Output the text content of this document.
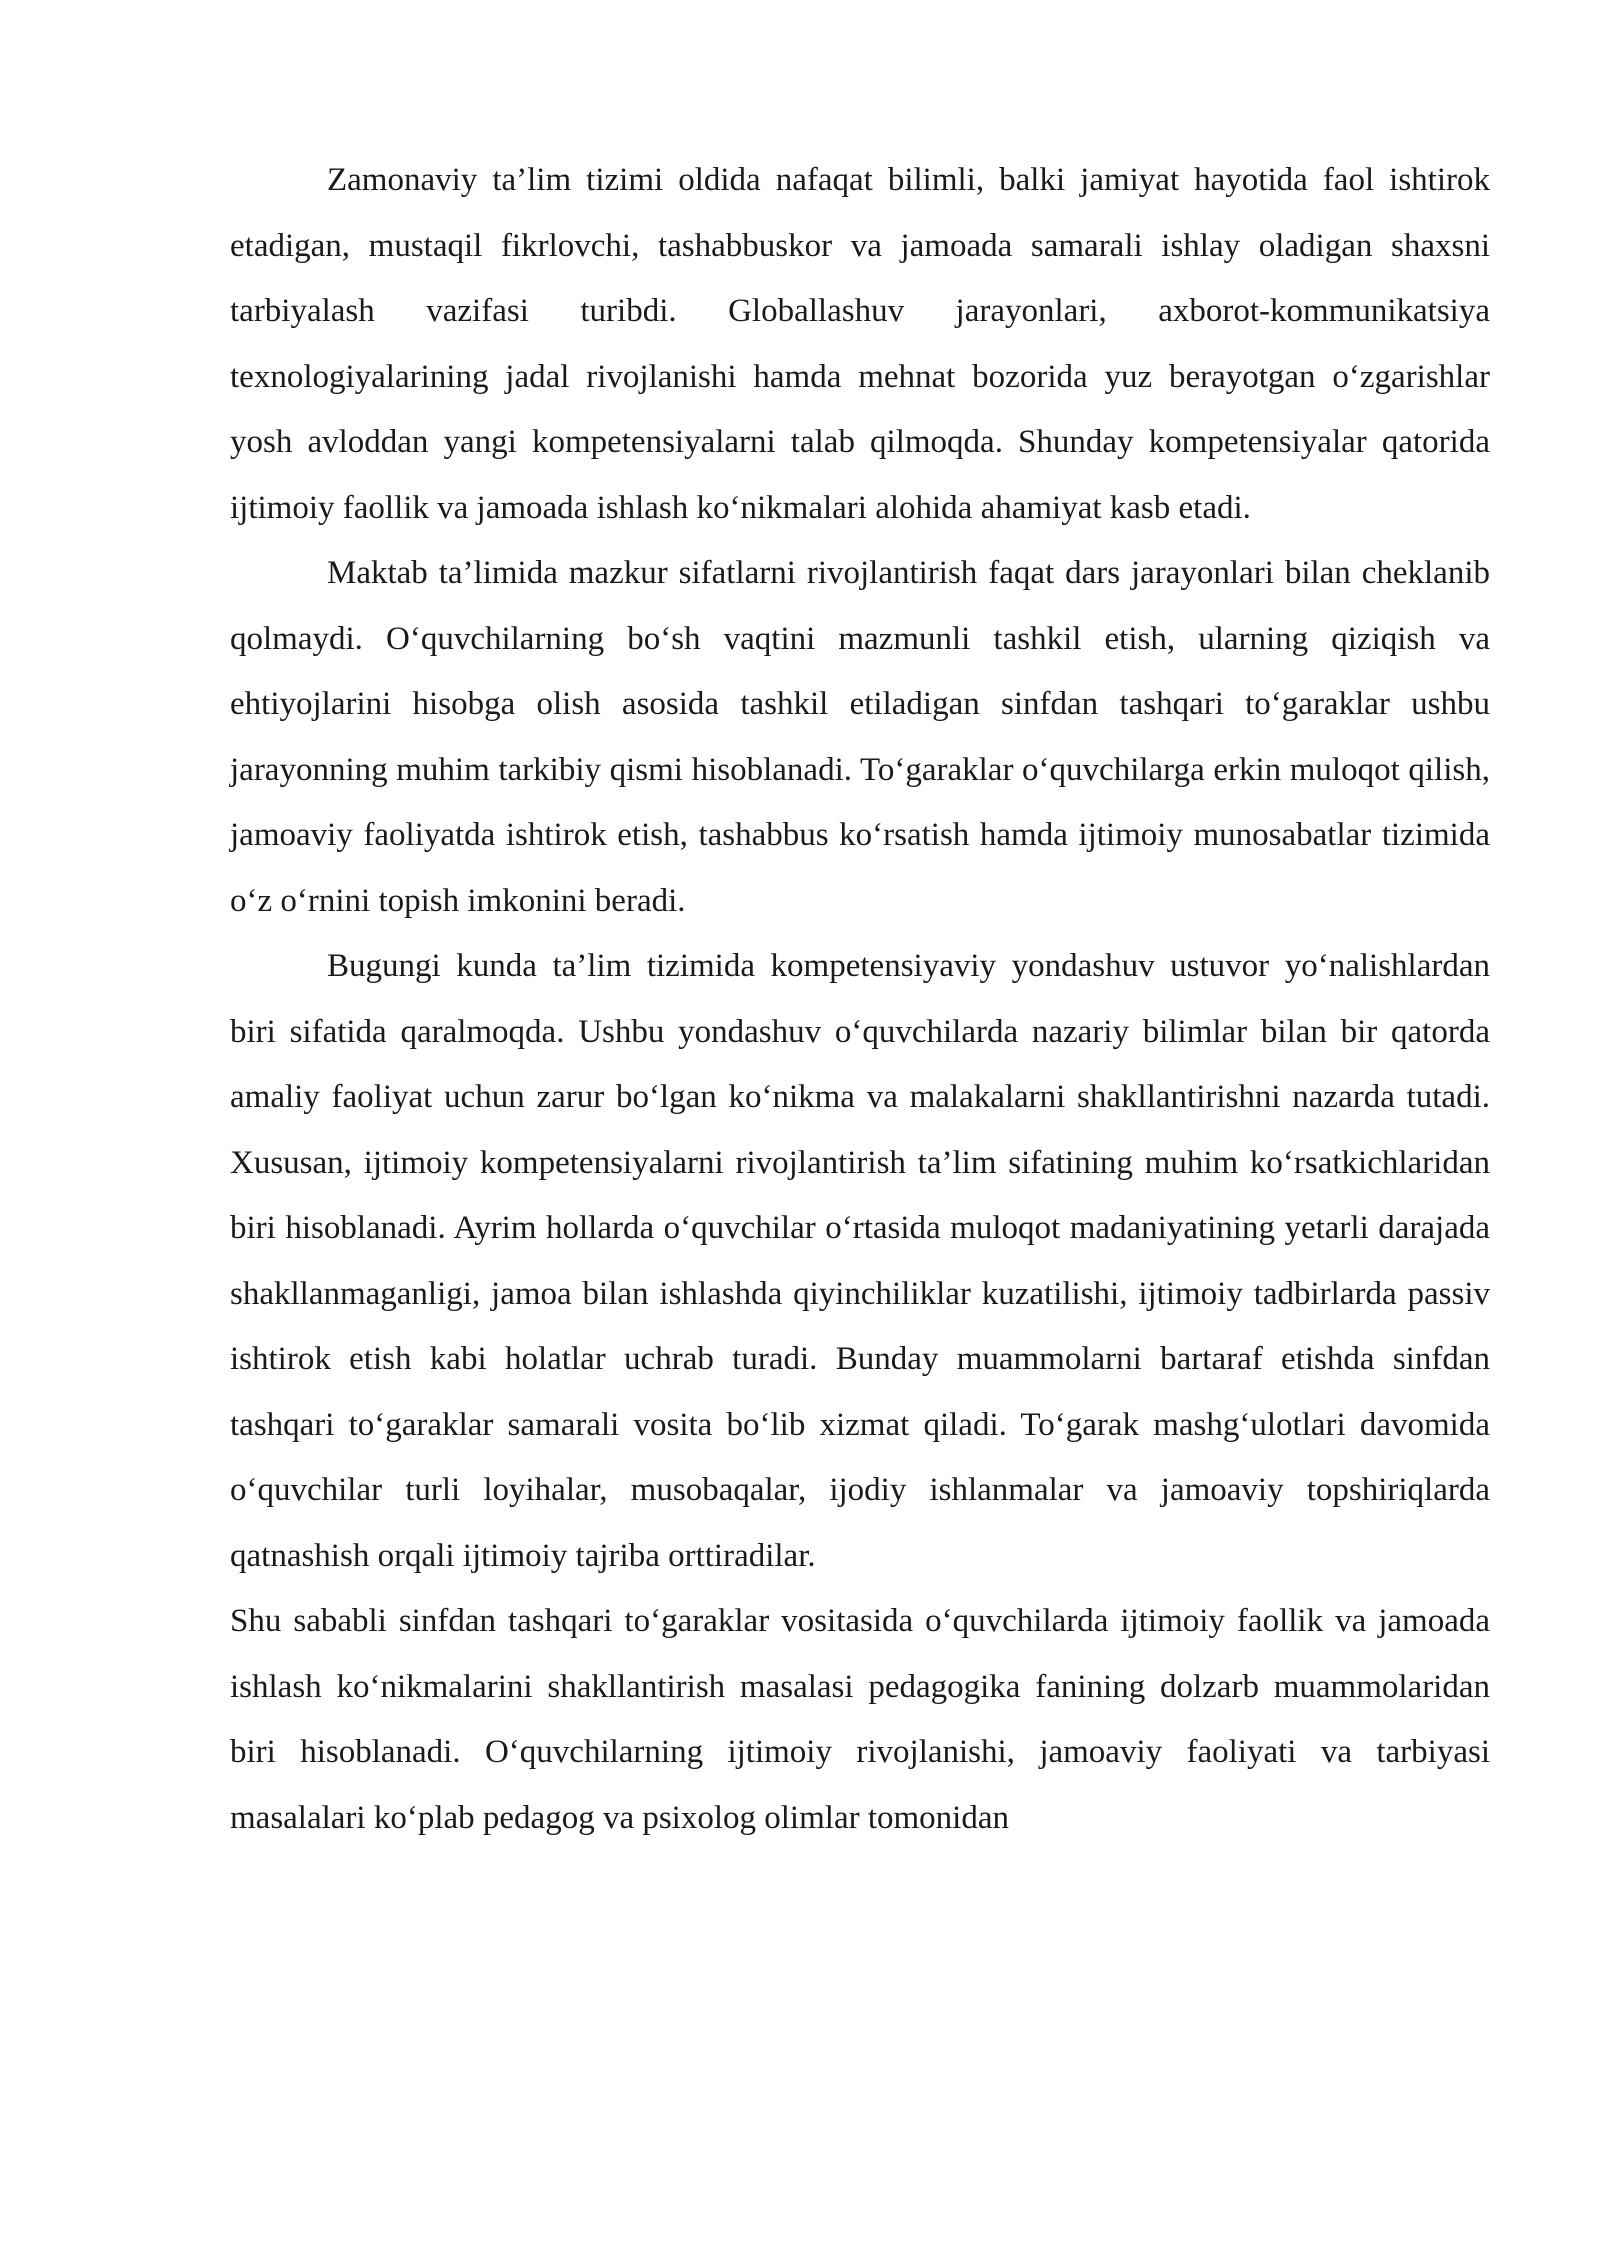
Zamonaviy ta’lim tizimi oldida nafaqat bilimli, balki jamiyat hayotida faol ishtirok etadigan, mustaqil fikrlovchi, tashabbuskor va jamoada samarali ishlay oladigan shaxsni tarbiyalash vazifasi turibdi. Globallashuv jarayonlari, axborot-kommunikatsiya texnologiyalarining jadal rivojlanishi hamda mehnat bozorida yuz berayotgan o‘zgarishlar yosh avloddan yangi kompetensiyalarni talab qilmoqda. Shunday kompetensiyalar qatorida ijtimoiy faollik va jamoada ishlash ko‘nikmalari alohida ahamiyat kasb etadi.

Maktab ta’limida mazkur sifatlarni rivojlantirish faqat dars jarayonlari bilan cheklanib qolmaydi. O‘quvchilarning bo‘sh vaqtini mazmunli tashkil etish, ularning qiziqish va ehtiyojlarini hisobga olish asosida tashkil etiladigan sinfdan tashqari to‘garaklar ushbu jarayonning muhim tarkibiy qismi hisoblanadi. To‘garaklar o‘quvchilarga erkin muloqot qilish, jamoaviy faoliyatda ishtirok etish, tashabbus ko‘rsatish hamda ijtimoiy munosabatlar tizimida o‘z o‘rnini topish imkonini beradi.

Bugungi kunda ta’lim tizimida kompetensiyaviy yondashuv ustuvor yo‘nalishlardan biri sifatida qaralmoqda. Ushbu yondashuv o‘quvchilarda nazariy bilimlar bilan bir qatorda amaliy faoliyat uchun zarur bo‘lgan ko‘nikma va malakalarni shakllantirishni nazarda tutadi. Xususan, ijtimoiy kompetensiyalarni rivojlantirish ta’lim sifatining muhim ko‘rsatkichlaridan biri hisoblanadi. Ayrim hollarda o‘quvchilar o‘rtasida muloqot madaniyatining yetarli darajada shakllanmaganligi, jamoa bilan ishlashda qiyinchiliklar kuzatilishi, ijtimoiy tadbirlarda passiv ishtirok etish kabi holatlar uchrab turadi. Bunday muammolarni bartaraf etishda sinfdan tashqari to‘garaklar samarali vosita bo‘lib xizmat qiladi. To‘garak mashg‘ulotlari davomida o‘quvchilar turli loyihalar, musobaqalar, ijodiy ishlanmalar va jamoaviy topshiriqlarda qatnashish orqali ijtimoiy tajriba orttiradilar.

Shu sababli sinfdan tashqari to‘garaklar vositasida o‘quvchilarda ijtimoiy faollik va jamoada ishlash ko‘nikmalarini shakllantirish masalasi pedagogika fanining dolzarb muammolaridan biri hisoblanadi. O‘quvchilarning ijtimoiy rivojlanishi, jamoaviy faoliyati va tarbiyasi masalalari ko‘plab pedagog va psixolog olimlar tomonidan
